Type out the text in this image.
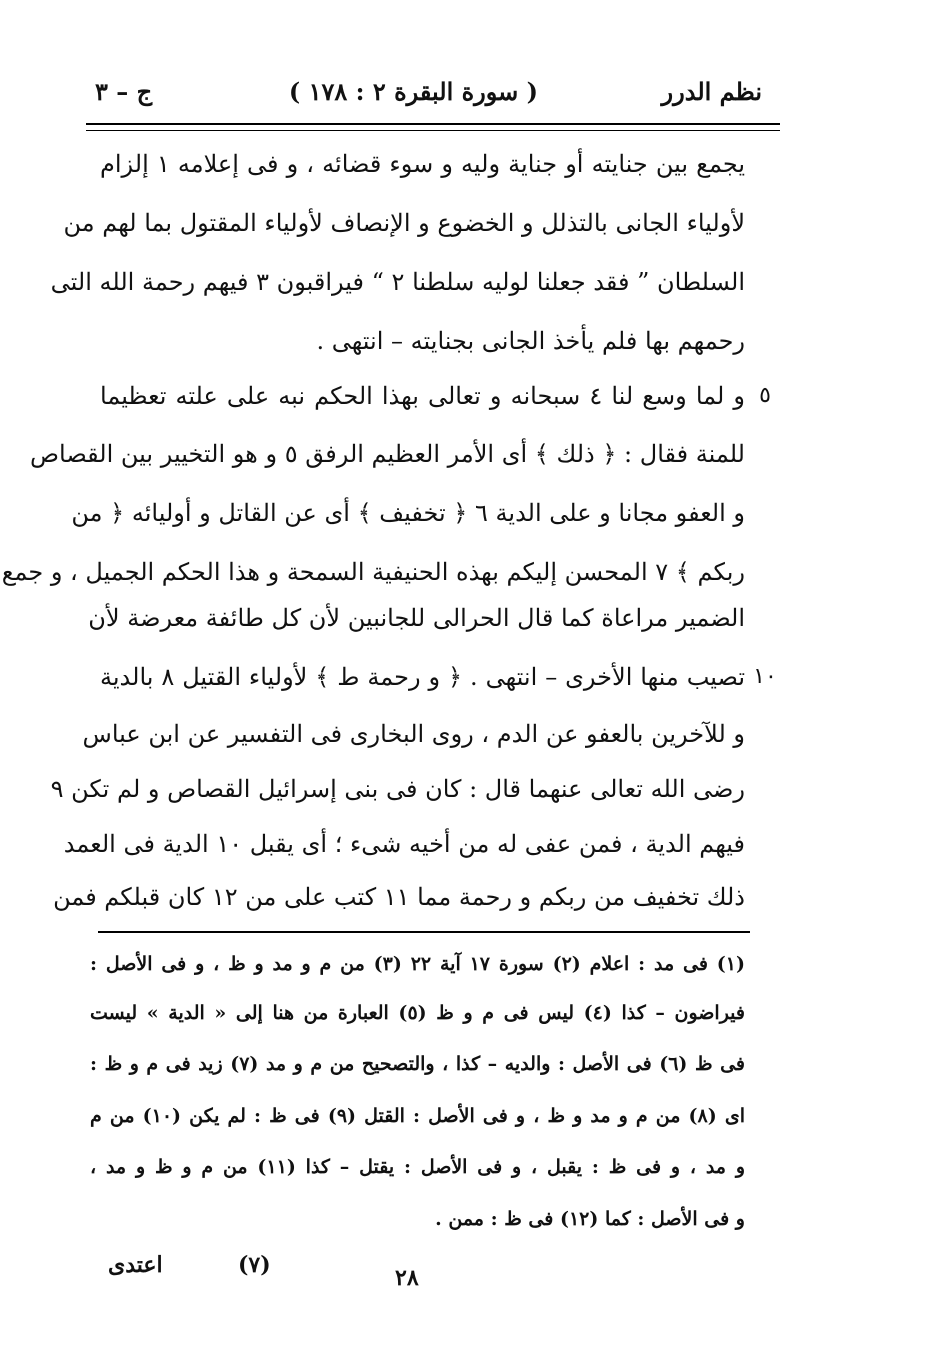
نظم الدرر
( سورة البقرة ٢ : ١٧٨ )
ج – ٣
يجمع بين جنايته أو جناية وليه و سوء قضائه ، و فى إعلامه ١ إلزام
لأولياء الجانى بالتذلل و الخضوع و الإنصاف لأولياء المقتول بما لهم من
السلطان ” فقد جعلنا لوليه سلطنا ٢ “ فيراقبون ٣ فيهم رحمة الله التى
رحمهم بها فلم يأخذ الجانى بجنايته – انتهى .
و لما وسع لنا ٤ سبحانه و تعالى بهذا الحكم نبه على علته تعظيما ٥
للمنة فقال : ﴿ ذلك ﴾ أى الأمر العظيم الرفق ٥ و هو التخيير بين القصاص
و العفو مجانا و على الدية ٦ ﴿ تخفيف ﴾ أى عن القاتل و أوليائه ﴿ من
ربكم ﴾ ٧ المحسن إليكم بهذه الحنيفية السمحة و هذا الحكم الجميل ، و جمع
الضمير مراعاة كما قال الحرالى للجانبين لأن كل طائفة معرضة لأن
تصيب منها الأخرى – انتهى . ﴿ و رحمة ط ﴾ لأولياء القتيل ٨ بالدية ١٠
و للآخرين بالعفو عن الدم ، روى البخارى فى التفسير عن ابن عباس
رضى الله تعالى عنهما قال : كان فى بنى إسرائيل القصاص و لم تكن ٩
فيهم الدية ، فمن عفى له من أخيه شىء ؛ أى يقبل ١٠ الدية فى العمد
ذلك تخفيف من ربكم و رحمة مما ١١ كتب على من ١٢ كان قبلكم فمن
(١) فى مد : اعلام (٢) سورة ١٧ آية ٢٢ (٣) من م و مد و ظ ، و فى الأصل :
فيراضون – كذا (٤) ليس فى م و ظ (٥) العبارة من هنا إلى « الدية » ليست
فى ظ (٦) فى الأصل : والديه – كذا ، والتصحيح من م و مد (٧) زيد فى م و ظ :
اى (٨) من م و مد و ظ ، و فى الأصل : القتل (٩) فى ظ : لم يكن (١٠) من م
و مد ، و فى ظ : يقبل ، و فى الأصل : يقتل – كذا (١١) من م و ظ و مد ،
و فى الأصل : كما (١٢) فى ظ : ممن .
٢٨
(٧)
اعتدى
